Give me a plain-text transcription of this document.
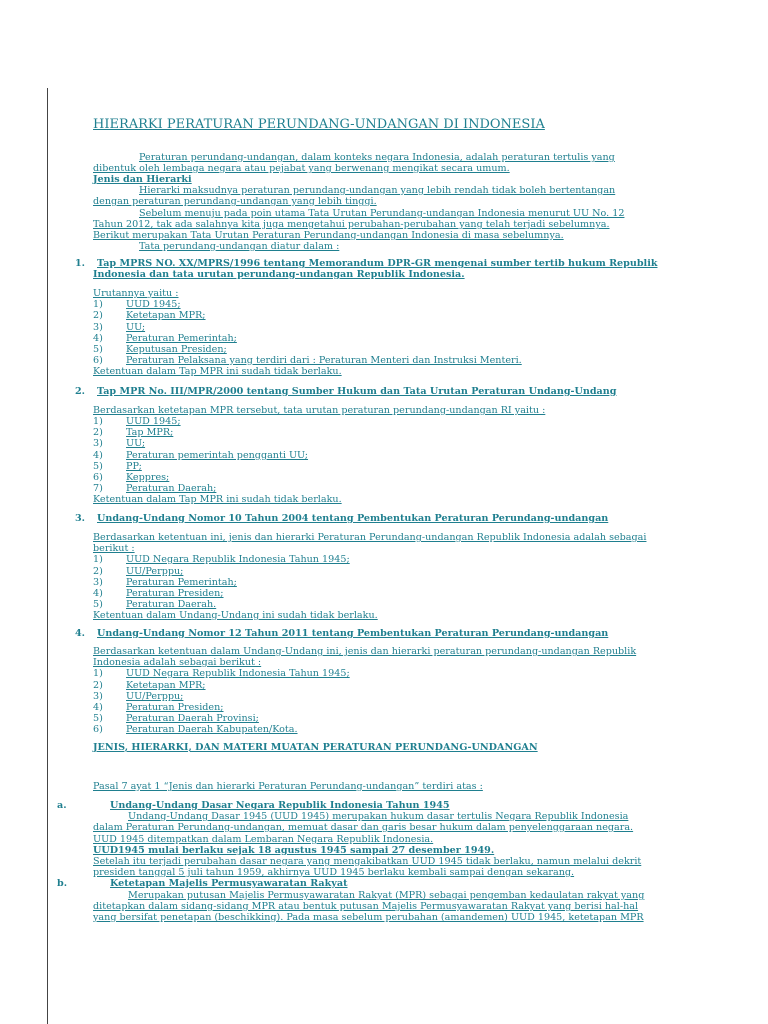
HIERARKI PERATURAN PERUNDANG-UNDANGAN DI INDONESIA
Peraturan perundang-undangan, dalam konteks negara Indonesia, adalah peraturan tertulis yang
dibentuk oleh lembaga negara atau pejabat yang berwenang mengikat secara umum.
Jenis dan Hierarki
Hierarki maksudnya peraturan perundang-undangan yang lebih rendah tidak boleh bertentangan
dengan peraturan perundang-undangan yang lebih tinggi.
Sebelum menuju pada poin utama Tata Urutan Perundang-undangan Indonesia menurut UU No. 12
Tahun 2012, tak ada salahnya kita juga mengetahui perubahan-perubahan yang telah terjadi sebelumnya.
Berikut merupakan Tata Urutan Peraturan Perundang-undangan Indonesia di masa sebelumnya.
Tata perundang-undangan diatur dalam :
1. Tap MPRS NO. XX/MPRS/1996 tentang Memorandum DPR-GR mengenai sumber tertib hukum Republik
Indonesia dan tata urutan perundang-undangan Republik Indonesia.
Urutannya yaitu :
1) UUD 1945;
2) Ketetapan MPR;
3) UU;
4) Peraturan Pemerintah;
5) Keputusan Presiden;
6) Peraturan Pelaksana yang terdiri dari : Peraturan Menteri dan Instruksi Menteri.
Ketentuan dalam Tap MPR ini sudah tidak berlaku.
2. Tap MPR No. III/MPR/2000 tentang Sumber Hukum dan Tata Urutan Peraturan Undang-Undang
Berdasarkan ketetapan MPR tersebut, tata urutan peraturan perundang-undangan RI yaitu :
1) UUD 1945;
2) Tap MPR;
3) UU;
4) Peraturan pemerintah pengganti UU;
5) PP;
6) Keppres;
7) Peraturan Daerah;
Ketentuan dalam Tap MPR ini sudah tidak berlaku.
3. Undang-Undang Nomor 10 Tahun 2004 tentang Pembentukan Peraturan Perundang-undangan
Berdasarkan ketentuan ini, jenis dan hierarki Peraturan Perundang-undangan Republik Indonesia adalah sebagai
berikut :
1) UUD Negara Republik Indonesia Tahun 1945;
2) UU/Perppu;
3) Peraturan Pemerintah;
4) Peraturan Presiden;
5) Peraturan Daerah.
Ketentuan dalam Undang-Undang ini sudah tidak berlaku.
4. Undang-Undang Nomor 12 Tahun 2011 tentang Pembentukan Peraturan Perundang-undangan
Berdasarkan ketentuan dalam Undang-Undang ini, jenis dan hierarki peraturan perundang-undangan Republik
Indonesia adalah sebagai berikut :
1) UUD Negara Republik Indonesia Tahun 1945;
2) Ketetapan MPR;
3) UU/Perppu;
4) Peraturan Presiden;
5) Peraturan Daerah Provinsi;
6) Peraturan Daerah Kabupaten/Kota.
JENIS, HIERARKI, DAN MATERI MUATAN PERATURAN PERUNDANG-UNDANGAN
Pasal 7 ayat 1 “Jenis dan hierarki Peraturan Perundang-undangan” terdiri atas :
a.	Undang-Undang Dasar Negara Republik Indonesia Tahun 1945
Undang-Undang Dasar 1945 (UUD 1945) merupakan hukum dasar tertulis Negara Republik Indonesia
dalam Peraturan Perundang-undangan, memuat dasar dan garis besar hukum dalam penyelenggaraan negara.
UUD 1945 ditempatkan dalam Lembaran Negara Republik Indonesia.
UUD1945 mulai berlaku sejak 18 agustus 1945 sampai 27 desember 1949.
Setelah itu terjadi perubahan dasar negara yang mengakibatkan UUD 1945 tidak berlaku, namun melalui dekrit
presiden tanggal 5 juli tahun 1959, akhirnya UUD 1945 berlaku kembali sampai dengan sekarang.
b.	Ketetapan Majelis Permusyawaratan Rakyat
Merupakan putusan Majelis Permusyawaratan Rakyat (MPR) sebagai pengemban kedaulatan rakyat yang
ditetapkan dalam sidang-sidang MPR atau bentuk putusan Majelis Permusyawaratan Rakyat yang berisi hal-hal
yang bersifat penetapan (beschikking). Pada masa sebelum perubahan (amandemen) UUD 1945, ketetapan MPR
